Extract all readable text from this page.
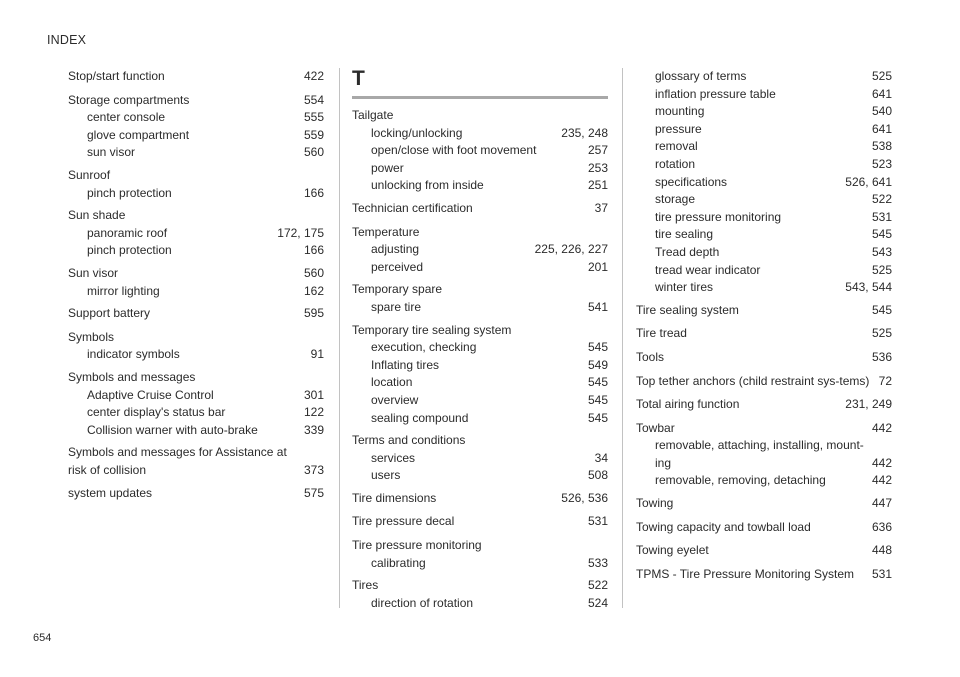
INDEX
Stop/start function	422
Storage compartments	554
center console	555
glove compartment	559
sun visor	560
Sunroof
pinch protection	166
Sun shade
panoramic roof	172, 175
pinch protection	166
Sun visor	560
mirror lighting	162
Support battery	595
Symbols
indicator symbols	91
Symbols and messages
Adaptive Cruise Control	301
center display's status bar	122
Collision warner with auto-brake	339
Symbols and messages for Assistance at risk of collision	373
system updates	575
T
Tailgate
locking/unlocking	235, 248
open/close with foot movement	257
power	253
unlocking from inside	251
Technician certification	37
Temperature
adjusting	225, 226, 227
perceived	201
Temporary spare
spare tire	541
Temporary tire sealing system
execution, checking	545
Inflating tires	549
location	545
overview	545
sealing compound	545
Terms and conditions
services	34
users	508
Tire dimensions	526, 536
Tire pressure decal	531
Tire pressure monitoring
calibrating	533
Tires	522
direction of rotation	524
glossary of terms	525
inflation pressure table	641
mounting	540
pressure	641
removal	538
rotation	523
specifications	526, 641
storage	522
tire pressure monitoring	531
tire sealing	545
Tread depth	543
tread wear indicator	525
winter tires	543, 544
Tire sealing system	545
Tire tread	525
Tools	536
Top tether anchors (child restraint sys-tems) 72
Total airing function	231, 249
Towbar	442
removable, attaching, installing, mount-ing	442
removable, removing, detaching	442
Towing	447
Towing capacity and towball load	636
Towing eyelet	448
TPMS - Tire Pressure Monitoring System	531
654
